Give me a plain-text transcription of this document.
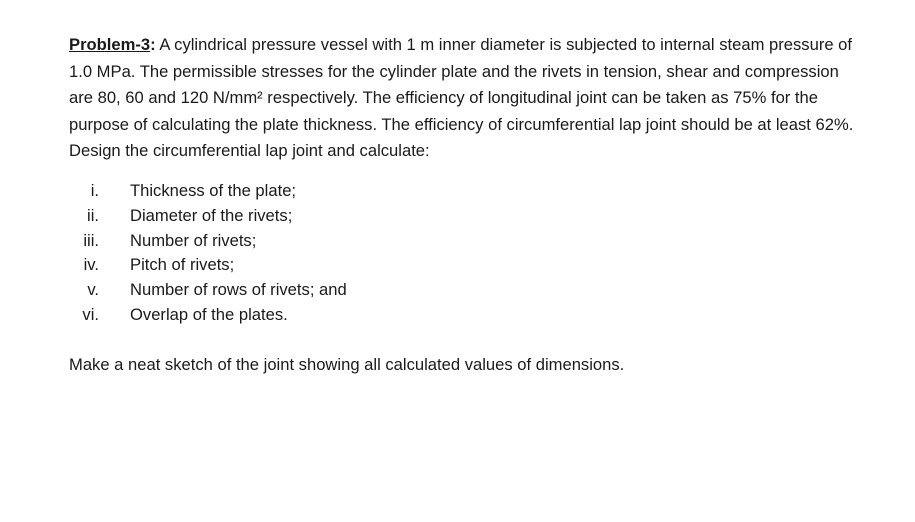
Problem-3: A cylindrical pressure vessel with 1 m inner diameter is subjected to internal steam pressure of 1.0 MPa. The permissible stresses for the cylinder plate and the rivets in tension, shear and compression are 80, 60 and 120 N/mm² respectively. The efficiency of longitudinal joint can be taken as 75% for the purpose of calculating the plate thickness. The efficiency of circumferential lap joint should be at least 62%. Design the circumferential lap joint and calculate:

i. Thickness of the plate;
ii. Diameter of the rivets;
iii. Number of rivets;
iv. Pitch of rivets;
v. Number of rows of rivets; and
vi. Overlap of the plates.

Make a neat sketch of the joint showing all calculated values of dimensions.
